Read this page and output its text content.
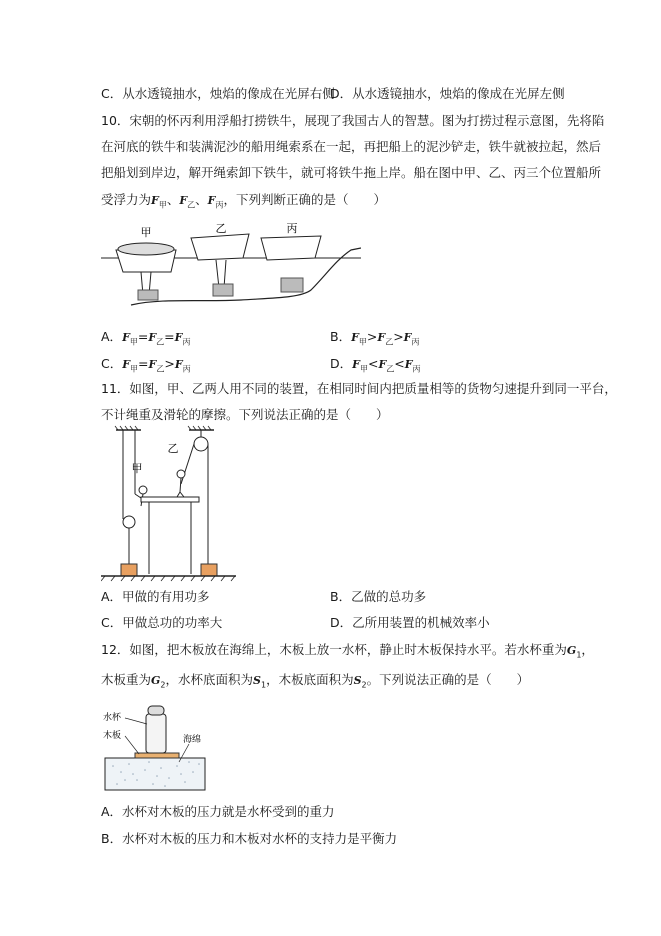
C．从水透镜抽水，烛焰的像成在光屏右侧
D．从水透镜抽水，烛焰的像成在光屏左侧
10．宋朝的怀丙利用浮船打捞铁牛，展现了我国古人的智慧。图为打捞过程示意图，先将陷
在河底的铁牛和装满泥沙的船用绳索系在一起，再把船上的泥沙铲走，铁牛就被拉起，然后
把船划到岸边，解开绳索卸下铁牛，就可将铁牛拖上岸。船在图中甲、乙、丙三个位置船所
受浮力为$F_甲$、$F_乙$、$F_丙$，下列判断正确的是（　　）
甲	乙	丙
A．$F_甲=F_乙=F_丙$	B．$F_甲>F_乙>F_丙$
C．$F_甲=F_乙>F_丙$	D．$F_甲<F_乙<F_丙$
11．如图，甲、乙两人用不同的装置，在相同时间内把质量相等的货物匀速提升到同一平台，
不计绳重及滑轮的摩擦。下列说法正确的是（　　）
甲
乙
A．甲做的有用功多	B．乙做的总功多
C．甲做总功的功率大	D．乙所用装置的机械效率小
12．如图，把木板放在海绵上，木板上放一水杯，静止时木板保持水平。若水杯重为$G_1$，
木板重为$G_2$，水杯底面积为$S_1$，木板底面积为$S_2$。下列说法正确的是（　　）
水杯
木板	海绵
A．水杯对木板的压力就是水杯受到的重力
B．水杯对木板的压力和木板对水杯的支持力是平衡力
